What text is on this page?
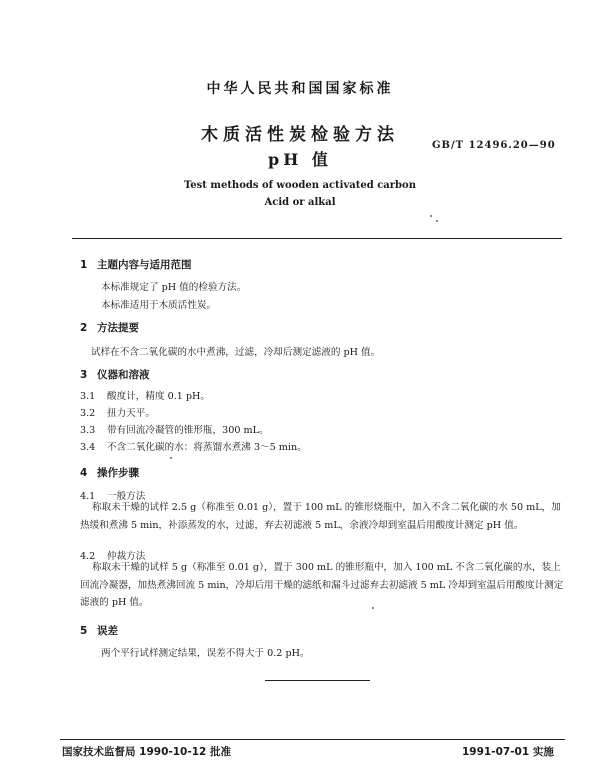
中华人民共和国国家标准
木质活性炭检验方法
pH 值
GB/T 12496.20—90
Test methods of wooden activated carbon
Acid or alkal
1 主题内容与适用范围
本标准规定了 pH 值的检验方法。
本标准适用于木质活性炭。
2 方法提要
试样在不含二氧化碳的水中煮沸，过滤，冷却后测定滤液的 pH 值。
3 仪器和溶液
3.1 酸度计，精度 0.1 pH。
3.2 扭力天平。
3.3 带有回流冷凝管的锥形瓶，300 mL。
3.4 不含二氧化碳的水：将蒸馏水煮沸 3～5 min。
4 操作步骤
4.1 一般方法
称取未干燥的试样 2.5 g（称准至 0.01 g），置于 100 mL 的锥形烧瓶中，加入不含二氧化碳的水 50 mL，加热缓和煮沸 5 min，补添蒸发的水，过滤，弃去初滤液 5 mL，余液冷却到室温后用酸度计测定 pH 值。
4.2 仲裁方法
称取未干燥的试样 5 g（称准至 0.01 g），置于 300 mL 的锥形瓶中，加入 100 mL 不含二氧化碳的水，装上回流冷凝器，加热煮沸回流 5 min，冷却后用干燥的滤纸和漏斗过滤弃去初滤液 5 mL 冷却到室温后用酸度计测定滤液的 pH 值。
5 误差
两个平行试样测定结果，误差不得大于 0.2 pH。
国家技术监督局 1990-10-12 批准	1991-07-01 实施
